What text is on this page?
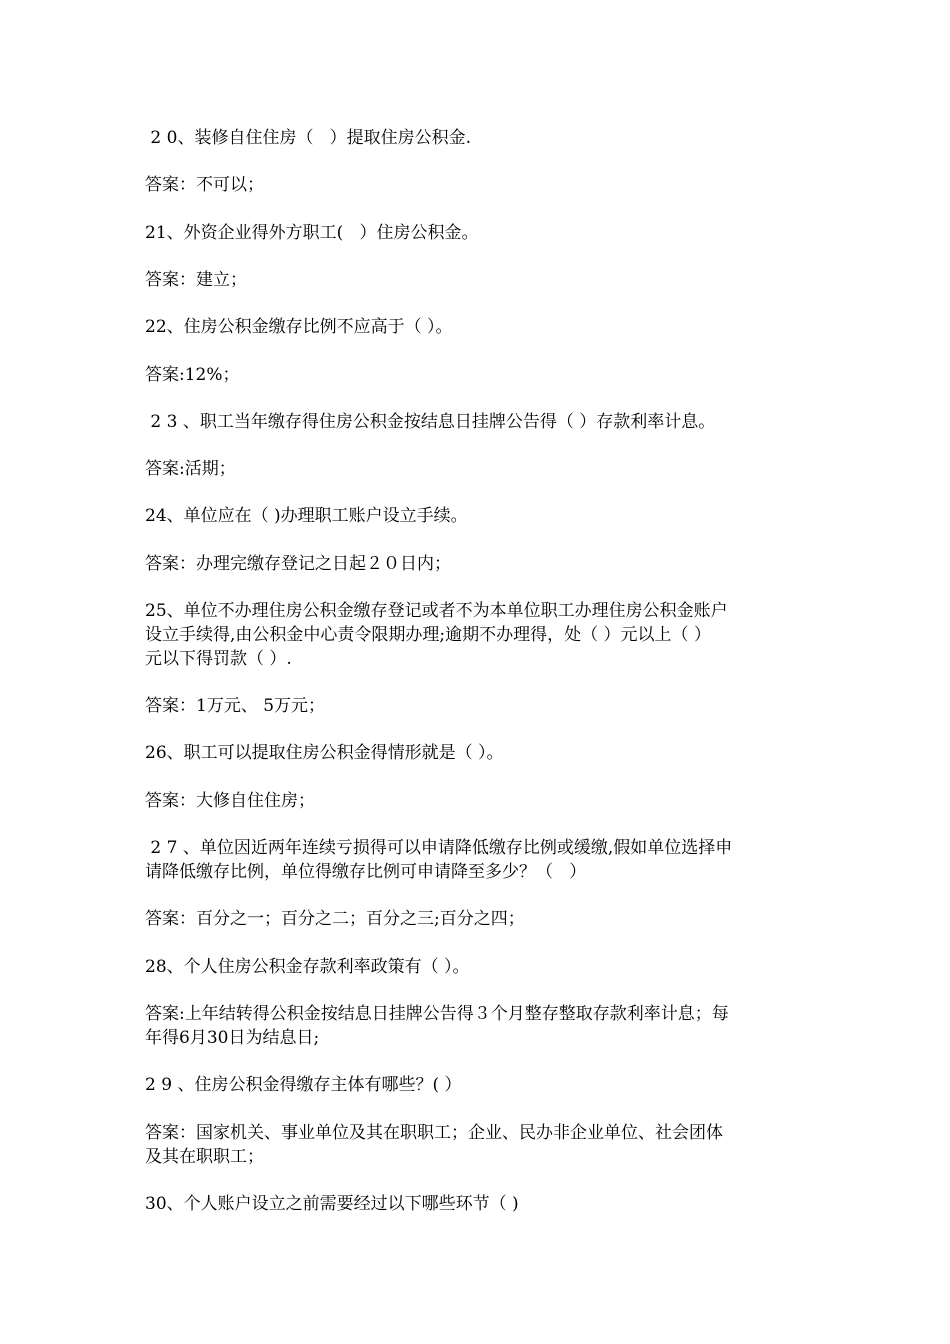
2 0、装修自住住房（   ）提取住房公积金.
答案：不可以；
21、外资企业得外方职工(   ）住房公积金。
答案：建立；
22、住房公积金缴存比例不应高于（ ）。
答案:12%；
2 3 、职工当年缴存得住房公积金按结息日挂牌公告得（ ）存款利率计息。
答案:活期；
24、单位应在（ )办理职工账户设立手续。
答案：办理完缴存登记之日起２０日内；
25、单位不办理住房公积金缴存登记或者不为本单位职工办理住房公积金账户
设立手续得,由公积金中心责令限期办理;逾期不办理得，处（ ）元以上（ ）
元以下得罚款（ ）.
答案：1万元、 5万元；
26、职工可以提取住房公积金得情形就是（ ）。
答案：大修自住住房；
2 7 、单位因近两年连续亏损得可以申请降低缴存比例或缓缴,假如单位选择申
请降低缴存比例，单位得缴存比例可申请降至多少？（   ）
答案：百分之一；百分之二；百分之三;百分之四；
28、个人住房公积金存款利率政策有（ ）。
答案:上年结转得公积金按结息日挂牌公告得３个月整存整取存款利率计息；每
年得6月30日为结息日;
2 9 、住房公积金得缴存主体有哪些？( ）
答案：国家机关、事业单位及其在职职工；企业、民办非企业单位、社会团体
及其在职职工；
30、个人账户设立之前需要经过以下哪些环节（ )
